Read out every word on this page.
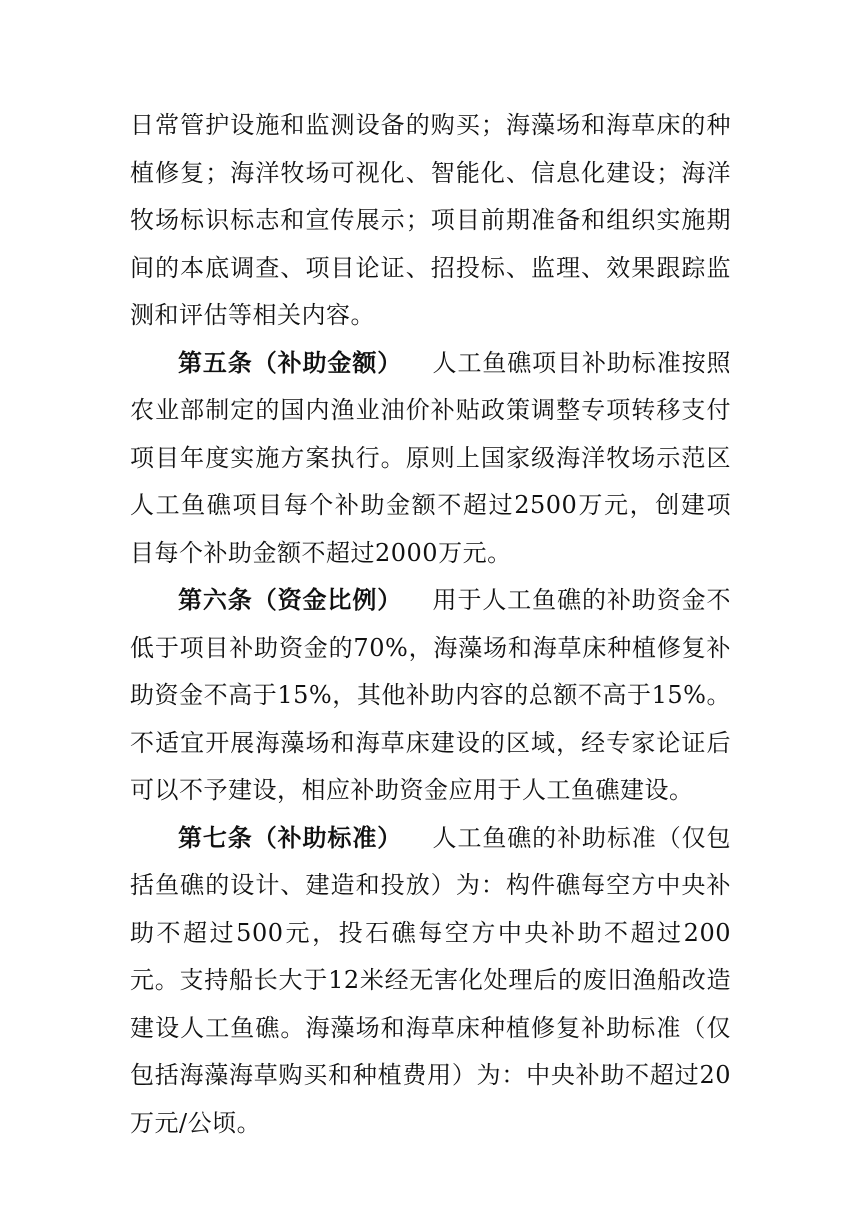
日常管护设施和监测设备的购买；海藻场和海草床的种植修复；海洋牧场可视化、智能化、信息化建设；海洋牧场标识标志和宣传展示；项目前期准备和组织实施期间的本底调查、项目论证、招投标、监理、效果跟踪监测和评估等相关内容。

第五条（补助金额） 人工鱼礁项目补助标准按照农业部制定的国内渔业油价补贴政策调整专项转移支付项目年度实施方案执行。原则上国家级海洋牧场示范区人工鱼礁项目每个补助金额不超过2500万元，创建项目每个补助金额不超过2000万元。

第六条（资金比例） 用于人工鱼礁的补助资金不低于项目补助资金的70%，海藻场和海草床种植修复补助资金不高于15%，其他补助内容的总额不高于15%。不适宜开展海藻场和海草床建设的区域，经专家论证后可以不予建设，相应补助资金应用于人工鱼礁建设。

第七条（补助标准） 人工鱼礁的补助标准（仅包括鱼礁的设计、建造和投放）为：构件礁每空方中央补助不超过500元，投石礁每空方中央补助不超过200元。支持船长大于12米经无害化处理后的废旧渔船改造建设人工鱼礁。海藻场和海草床种植修复补助标准（仅包括海藻海草购买和种植费用）为：中央补助不超过20万元/公顷。
